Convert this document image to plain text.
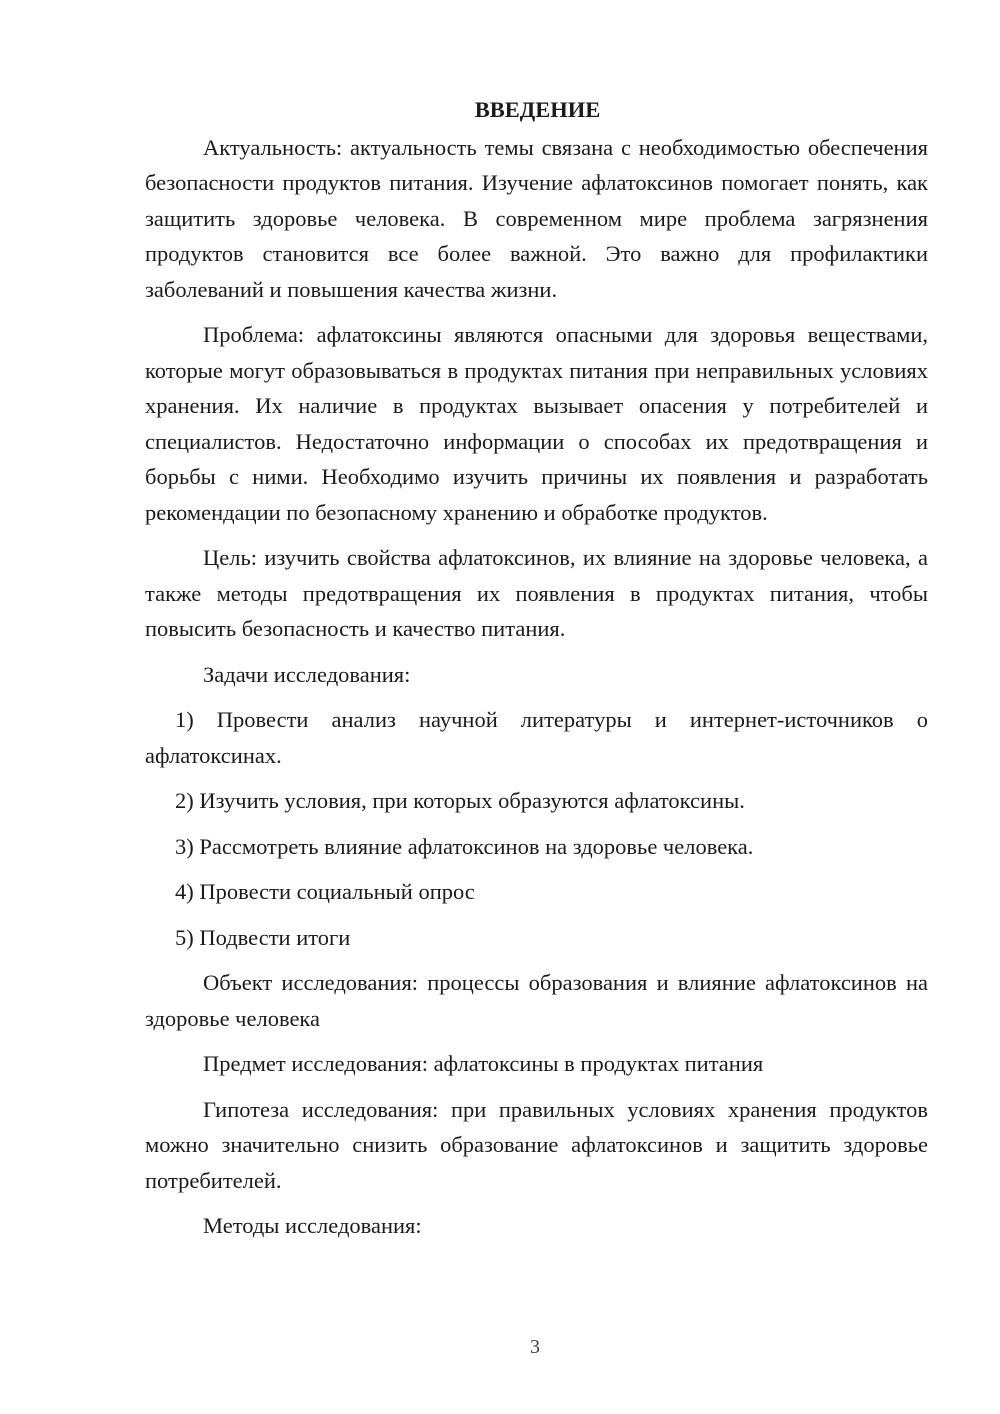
ВВЕДЕНИЕ

Актуальность: актуальность темы связана с необходимостью обеспечения безопасности продуктов питания. Изучение афлатоксинов помогает понять, как защитить здоровье человека. В современном мире проблема загрязнения продуктов становится все более важной. Это важно для профилактики заболеваний и повышения качества жизни.

Проблема: афлатоксины являются опасными для здоровья веществами, которые могут образовываться в продуктах питания при неправильных условиях хранения. Их наличие в продуктах вызывает опасения у потребителей и специалистов. Недостаточно информации о способах их предотвращения и борьбы с ними. Необходимо изучить причины их появления и разработать рекомендации по безопасному хранению и обработке продуктов.

Цель: изучить свойства афлатоксинов, их влияние на здоровье человека, а также методы предотвращения их появления в продуктах питания, чтобы повысить безопасность и качество питания.

Задачи исследования:

1) Провести анализ научной литературы и интернет-источников о афлатоксинах.

2) Изучить условия, при которых образуются афлатоксины.

3) Рассмотреть влияние афлатоксинов на здоровье человека.

4) Провести социальный опрос

5) Подвести итоги

Объект исследования: процессы образования и влияние афлатоксинов на здоровье человека

Предмет исследования: афлатоксины в продуктах питания

Гипотеза исследования: при правильных условиях хранения продуктов можно значительно снизить образование афлатоксинов и защитить здоровье потребителей.

Методы исследования:

3
